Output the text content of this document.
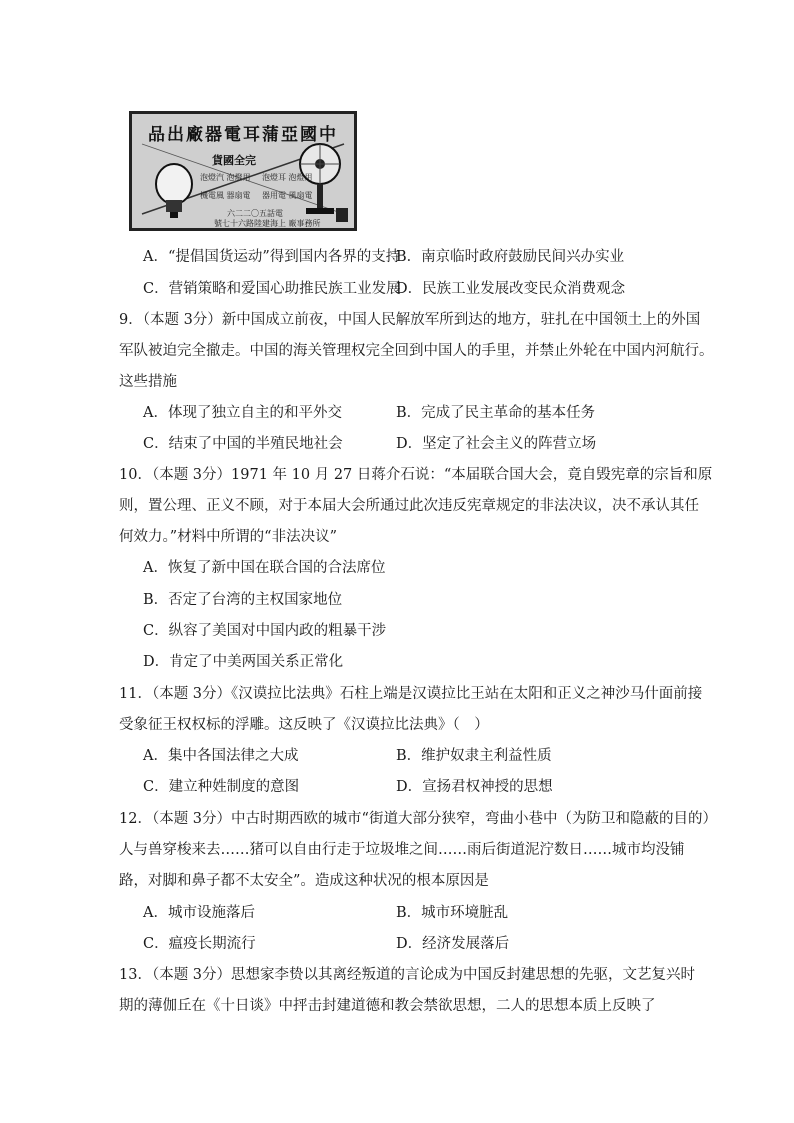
品出廠器電耳蒲亞國中
貨國全完
泡燈汽 泡燈用 泡燈耳 泡燈用
機電風 器扇電 器用電 風扇電
六二二〇五話電
號七十六路陸建海上 廠事務所
A．“提倡国货运动”得到国内各界的支持
B．南京临时政府鼓励民间兴办实业
C．营销策略和爱国心助推民族工业发展
D．民族工业发展改变民众消费观念
9．（本题 3分）新中国成立前夜，中国人民解放军所到达的地方，驻扎在中国领土上的外国
军队被迫完全撤走。中国的海关管理权完全回到中国人的手里，并禁止外轮在中国内河航行。
这些措施
A．体现了独立自主的和平外交	B．完成了民主革命的基本任务
C．结束了中国的半殖民地社会	D．坚定了社会主义的阵营立场
10．（本题 3分）1971 年 10 月 27 日蒋介石说：“本届联合国大会，竟自毁宪章的宗旨和原
则，置公理、正义不顾，对于本届大会所通过此次违反宪章规定的非法决议，决不承认其任
何效力。”材料中所谓的“非法决议”
A．恢复了新中国在联合国的合法席位
B．否定了台湾的主权国家地位
C．纵容了美国对中国内政的粗暴干涉
D．肯定了中美两国关系正常化
11．（本题 3分）《汉谟拉比法典》石柱上端是汉谟拉比王站在太阳和正义之神沙马什面前接
受象征王权权标的浮雕。这反映了《汉谟拉比法典》（　）
A．集中各国法律之大成	B．维护奴隶主利益性质
C．建立种姓制度的意图	D．宣扬君权神授的思想
12．（本题 3分）中古时期西欧的城市“街道大部分狭窄，弯曲小巷中（为防卫和隐蔽的目的）
人与兽穿梭来去……猪可以自由行走于垃圾堆之间……雨后街道泥泞数日……城市均没铺
路，对脚和鼻子都不太安全”。造成这种状况的根本原因是
A．城市设施落后	B．城市环境脏乱
C．瘟疫长期流行	D．经济发展落后
13．（本题 3分）思想家李贽以其离经叛道的言论成为中国反封建思想的先驱，文艺复兴时
期的薄伽丘在《十日谈》中抨击封建道德和教会禁欲思想，二人的思想本质上反映了
